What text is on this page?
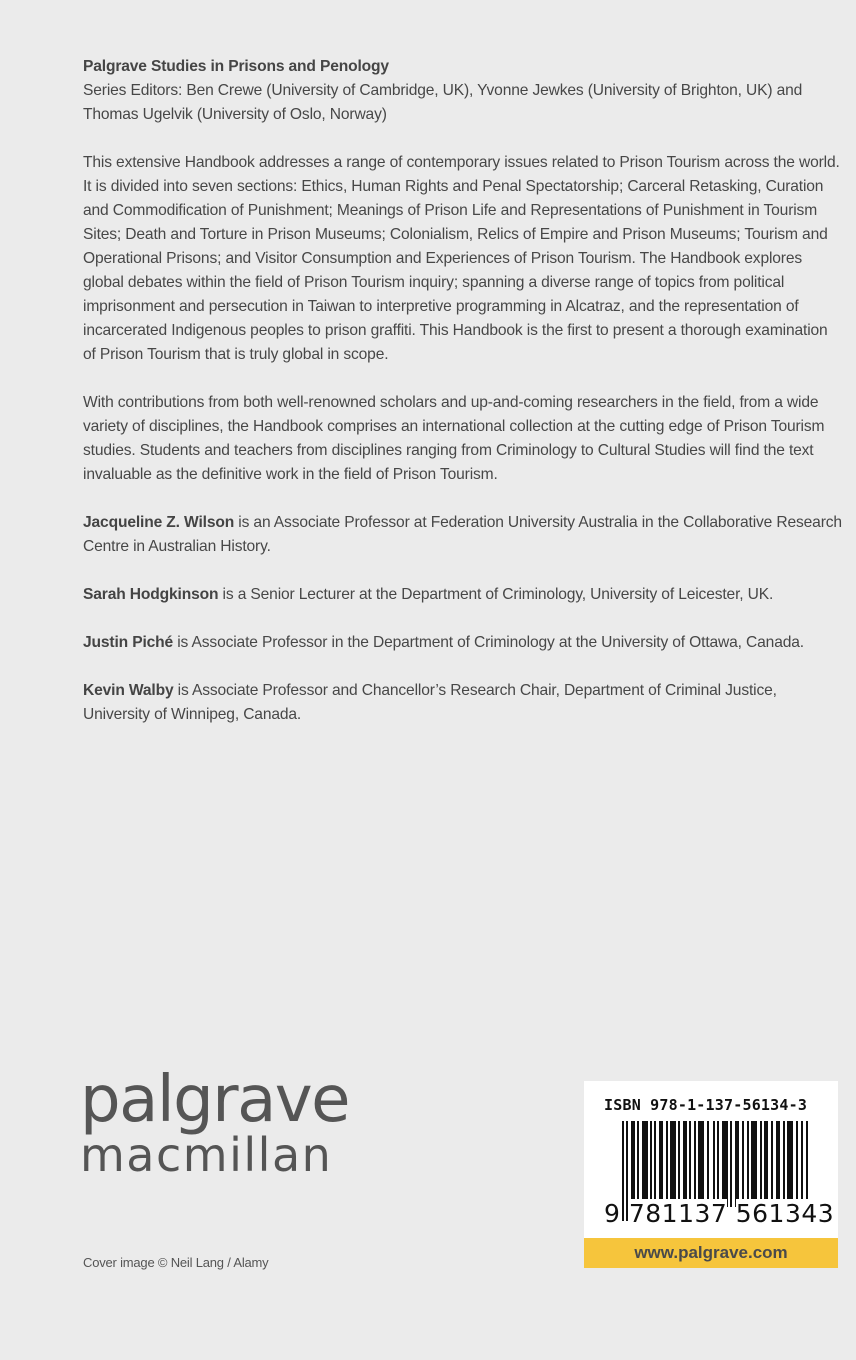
Palgrave Studies in Prisons and Penology
Series Editors: Ben Crewe (University of Cambridge, UK), Yvonne Jewkes (University of Brighton, UK) and
Thomas Ugelvik (University of Oslo, Norway)

This extensive Handbook addresses a range of contemporary issues related to Prison Tourism across the world. It is divided into seven sections: Ethics, Human Rights and Penal Spectatorship; Carceral Retasking, Curation and Commodification of Punishment; Meanings of Prison Life and Representations of Punishment in Tourism Sites; Death and Torture in Prison Museums; Colonialism, Relics of Empire and Prison Museums; Tourism and Operational Prisons; and Visitor Consumption and Experiences of Prison Tourism. The Handbook explores global debates within the field of Prison Tourism inquiry; spanning a diverse range of topics from political imprisonment and persecution in Taiwan to interpretive programming in Alcatraz, and the representation of incarcerated Indigenous peoples to prison graffiti. This Handbook is the first to present a thorough examination of Prison Tourism that is truly global in scope.

With contributions from both well-renowned scholars and up-and-coming researchers in the field, from a wide variety of disciplines, the Handbook comprises an international collection at the cutting edge of Prison Tourism studies. Students and teachers from disciplines ranging from Criminology to Cultural Studies will find the text invaluable as the definitive work in the field of Prison Tourism.

Jacqueline Z. Wilson is an Associate Professor at Federation University Australia in the Collaborative Research Centre in Australian History.

Sarah Hodgkinson is a Senior Lecturer at the Department of Criminology, University of Leicester, UK.

Justin Piché is Associate Professor in the Department of Criminology at the University of Ottawa, Canada.

Kevin Walby is Associate Professor and Chancellor’s Research Chair, Department of Criminal Justice, University of Winnipeg, Canada.

palgrave
macmillan
Cover image © Neil Lang / Alamy
ISBN 978-1-137-56134-3
9 781137 561343
www.palgrave.com
